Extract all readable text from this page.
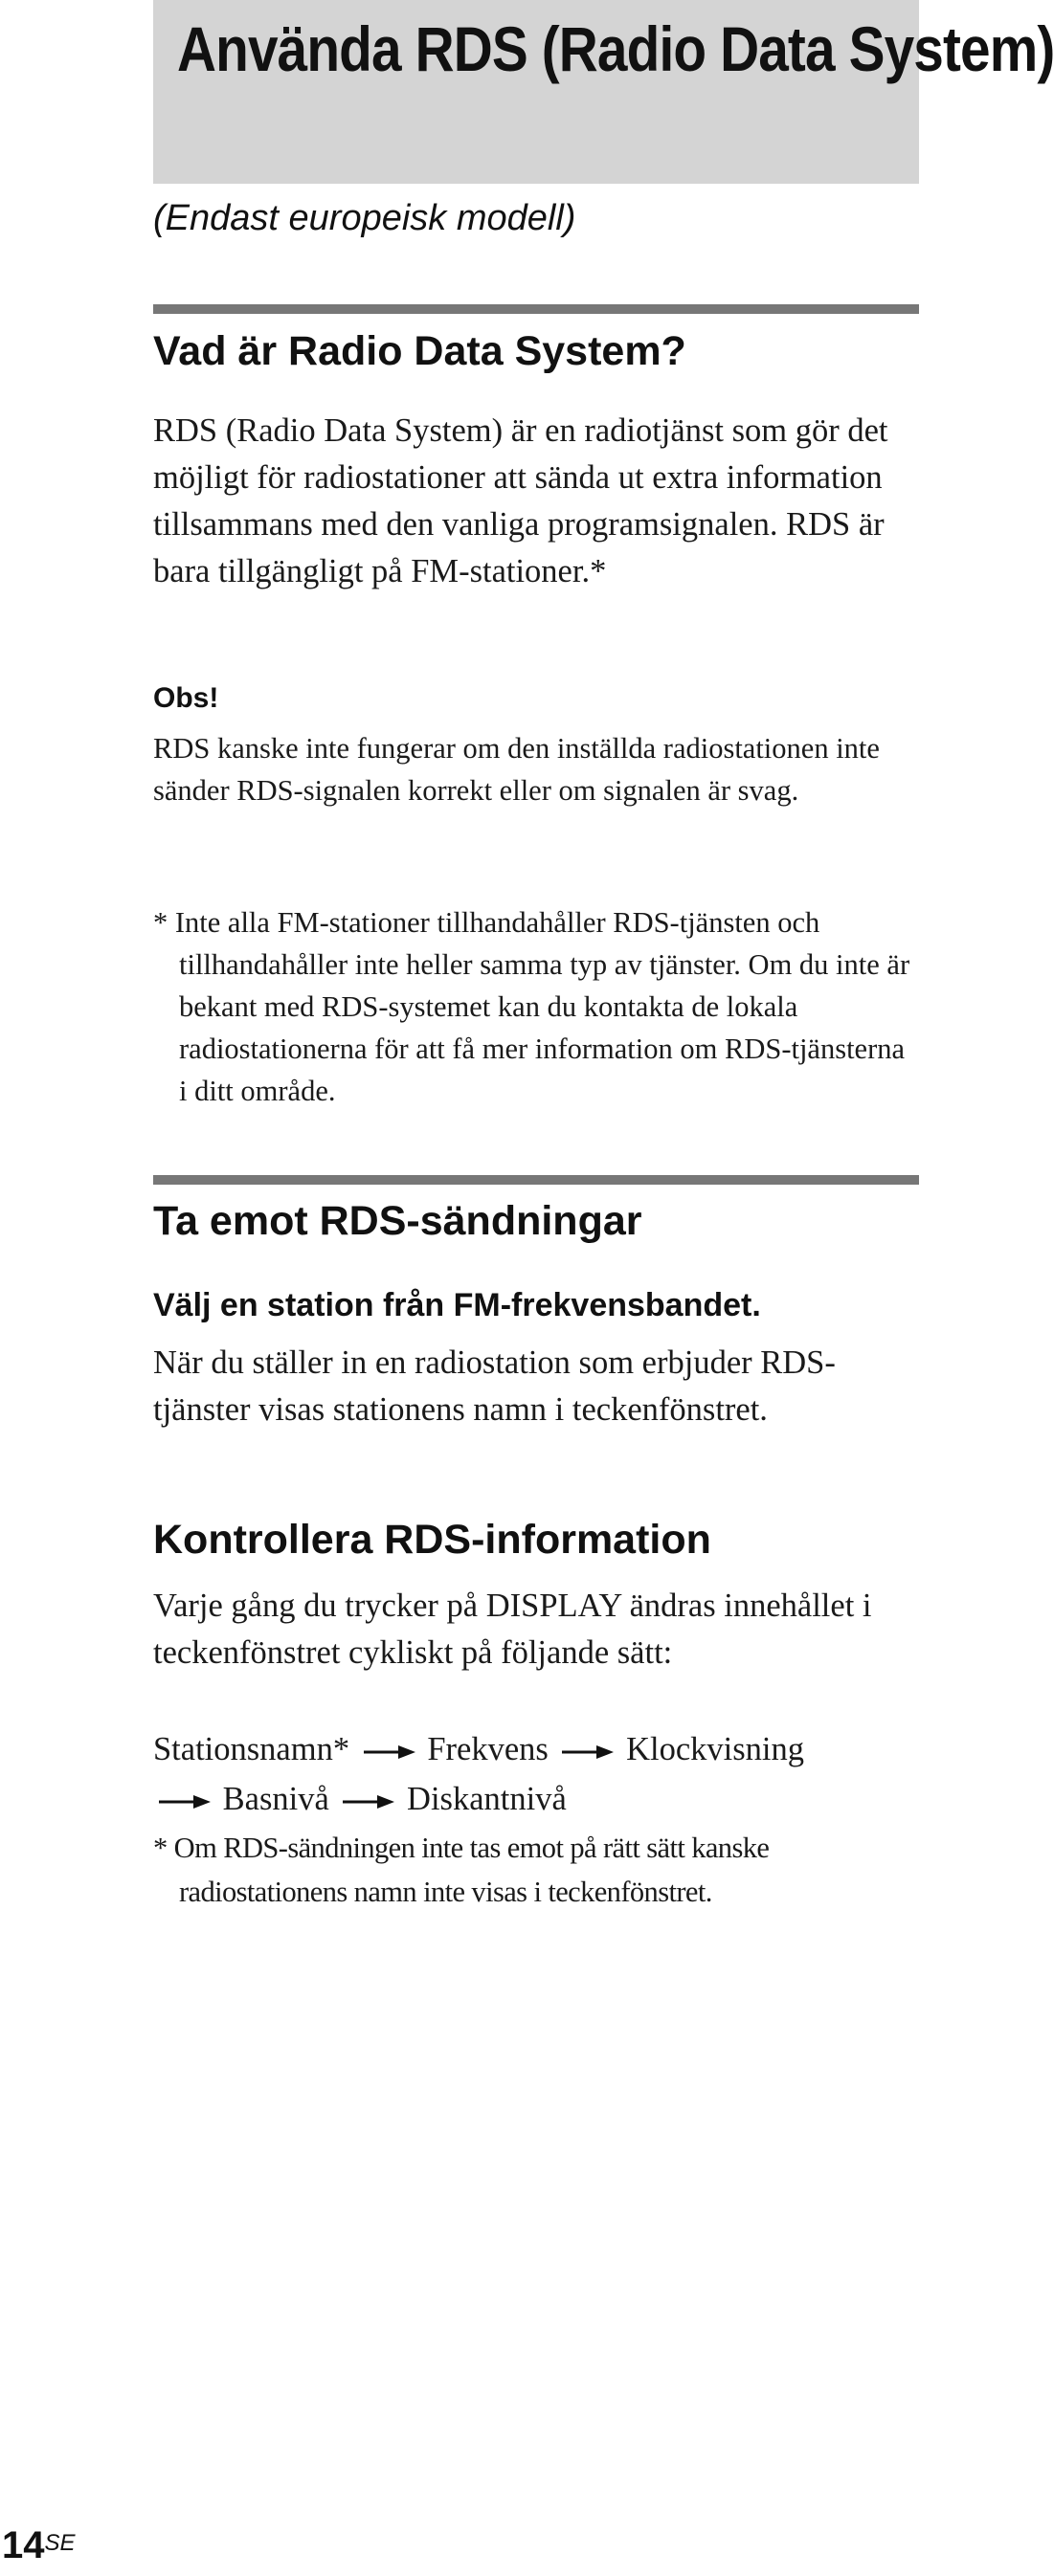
Använda RDS (Radio Data System)
(Endast europeisk modell)
Vad är Radio Data System?

RDS (Radio Data System) är en radiotjänst som gör det möjligt för radiostationer att sända ut extra information tillsammans med den vanliga programsignalen. RDS är bara tillgängligt på FM-stationer.*

Obs!

RDS kanske inte fungerar om den inställda radiostationen inte sänder RDS-signalen korrekt eller om signalen är svag.

* Inte alla FM-stationer tillhandahåller RDS-tjänsten och tillhandahåller inte heller samma typ av tjänster. Om du inte är bekant med RDS-systemet kan du kontakta de lokala radiostationerna för att få mer information om RDS-tjänsterna i ditt område.

Ta emot RDS-sändningar
Välj en station från FM-frekvensbandet.

När du ställer in en radiostation som erbjuder RDS-tjänster visas stationens namn i teckenfönstret.

Kontrollera RDS-information

Varje gång du trycker på DISPLAY ändras innehållet i teckenfönstret cykliskt på följande sätt:

Stationsnamn* Frekvens Klockvisning
Basnivå Diskantnivå
* Om RDS-sändningen inte tas emot på rätt sätt kanske radiostationens namn inte visas i teckenfönstret.
$14^{SE}$
